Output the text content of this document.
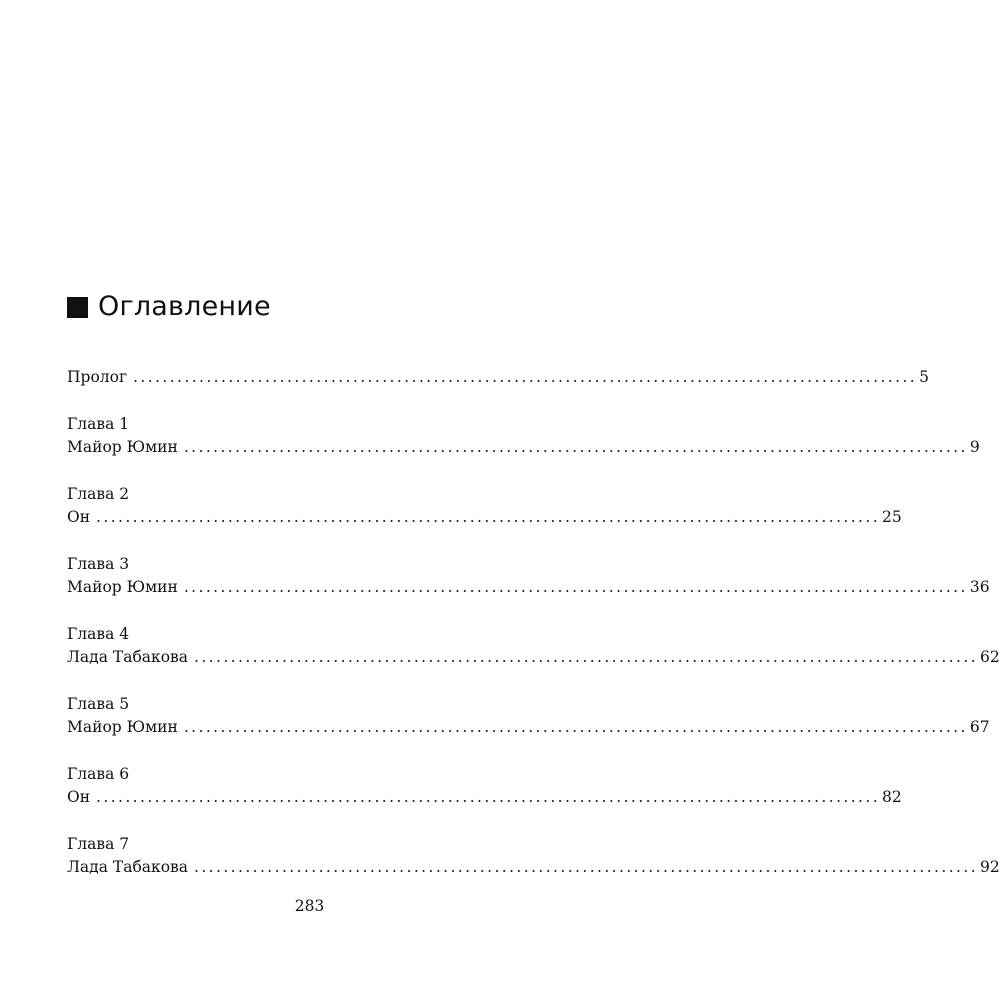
Оглавление
Пролог ........................................................................................................... 5
Глава 1
Майор Юмин ........................................................................................................... 9
Глава 2
Он ........................................................................................................... 25
Глава 3
Майор Юмин ........................................................................................................... 36
Глава 4
Лада Табакова ........................................................................................................... 62
Глава 5
Майор Юмин ........................................................................................................... 67
Глава 6
Он ........................................................................................................... 82
Глава 7
Лада Табакова ........................................................................................................... 92
283
